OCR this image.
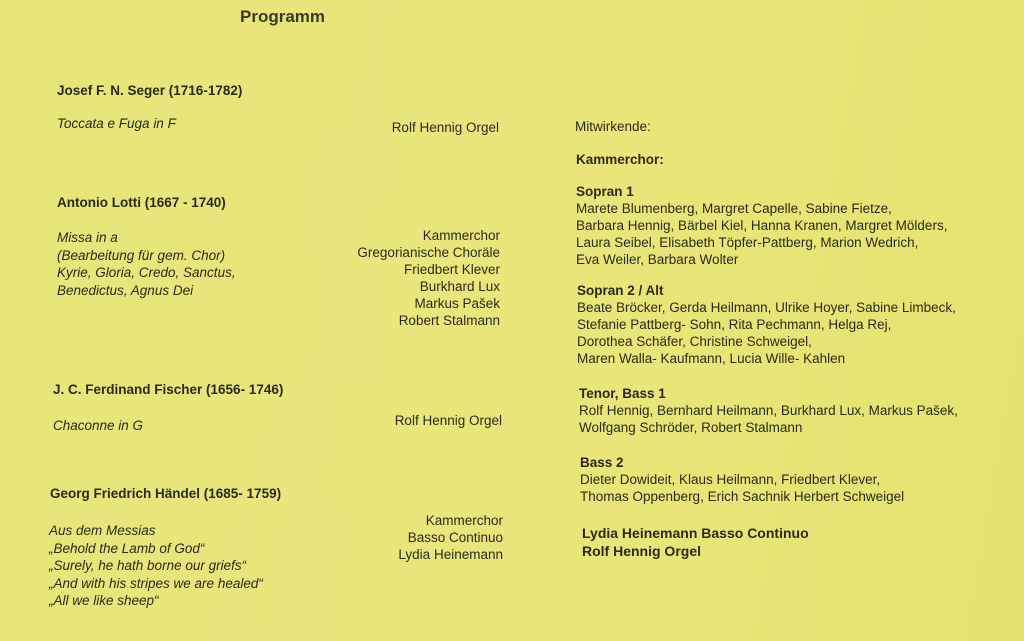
Programm
Josef F. N. Seger (1716-1782)
Toccata e Fuga in F	Rolf Hennig Orgel
Antonio Lotti (1667 - 1740)
Missa in a
(Bearbeitung für gem. Chor)
Kyrie, Gloria, Credo, Sanctus,
Benedictus, Agnus Dei
Kammerchor
Gregorianische Choräle
Friedbert Klever
Burkhard Lux
Markus Pašek
Robert Stalmann
J. C. Ferdinand Fischer (1656- 1746)
Chaconne in G	Rolf Hennig Orgel
Georg Friedrich Händel (1685- 1759)
Aus dem Messias
„Behold the Lamb of God“
„Surely, he hath borne our griefs“
„And with his stripes we are healed“
„All we like sheep“
Kammerchor
Basso Continuo
Lydia Heinemann
Mitwirkende:
Kammerchor:
Sopran 1
Marete Blumenberg, Margret Capelle, Sabine Fietze,
Barbara Hennig, Bärbel Kiel, Hanna Kranen, Margret Mölders,
Laura Seibel, Elisabeth Töpfer-Pattberg, Marion Wedrich,
Eva Weiler, Barbara Wolter
Sopran 2 / Alt
Beate Bröcker, Gerda Heilmann, Ulrike Hoyer, Sabine Limbeck,
Stefanie Pattberg- Sohn, Rita Pechmann, Helga Rej,
Dorothea Schäfer, Christine Schweigel,
Maren Walla- Kaufmann, Lucia Wille- Kahlen
Tenor, Bass 1
Rolf Hennig, Bernhard Heilmann, Burkhard Lux, Markus Pašek,
Wolfgang Schröder, Robert Stalmann
Bass 2
Dieter Dowideit, Klaus Heilmann, Friedbert Klever,
Thomas Oppenberg, Erich Sachnik Herbert Schweigel
Lydia Heinemann Basso Continuo
Rolf Hennig Orgel
